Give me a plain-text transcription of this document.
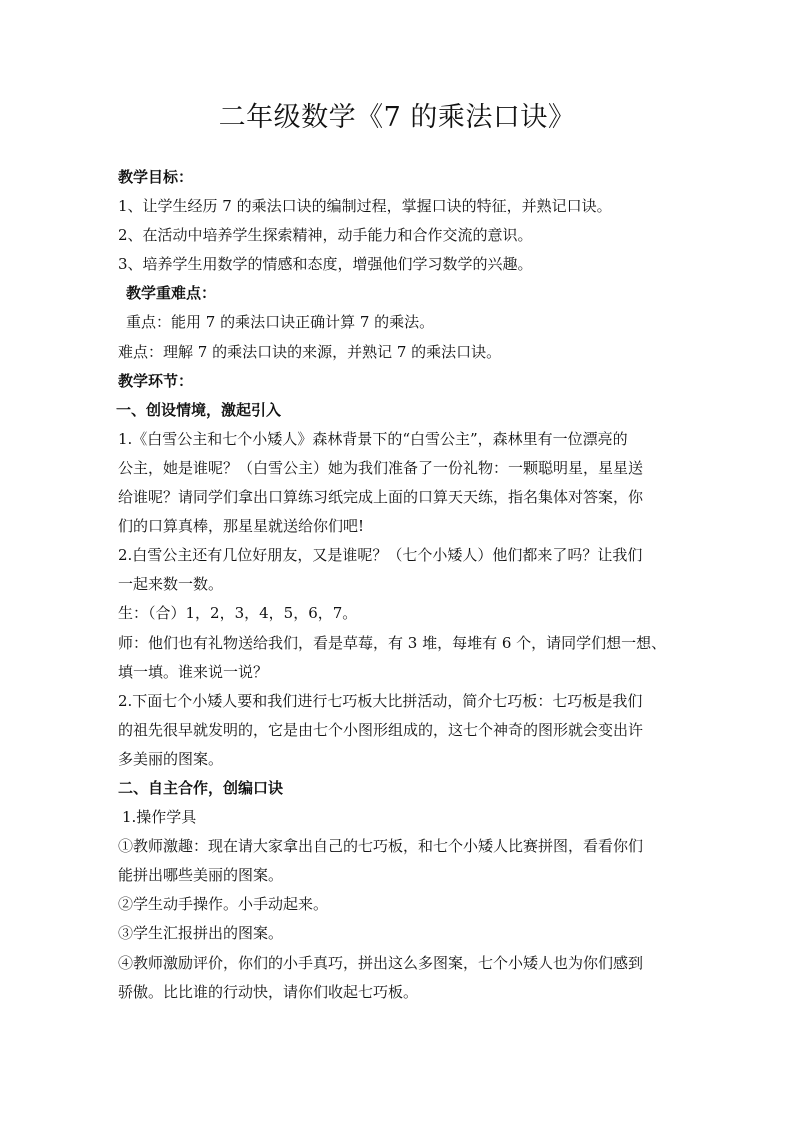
二年级数学《7 的乘法口诀》
教学目标：
1、让学生经历 7 的乘法口诀的编制过程，掌握口诀的特征，并熟记口诀。
2、在活动中培养学生探索精神，动手能力和合作交流的意识。
3、培养学生用数学的情感和态度，增强他们学习数学的兴趣。
教学重难点：
重点：能用 7 的乘法口诀正确计算 7 的乘法。
难点：理解 7 的乘法口诀的来源，并熟记 7 的乘法口诀。
教学环节：
一、创设情境，激起引入
1.《白雪公主和七个小矮人》森林背景下的“白雪公主”，森林里有一位漂亮的
公主，她是谁呢？（白雪公主）她为我们准备了一份礼物：一颗聪明星，星星送
给谁呢？请同学们拿出口算练习纸完成上面的口算天天练，指名集体对答案，你
们的口算真棒，那星星就送给你们吧!
2.白雪公主还有几位好朋友，又是谁呢？（七个小矮人）他们都来了吗？让我们
一起来数一数。
生：（合）1，2，3，4，5，6，7。
师：他们也有礼物送给我们，看是草莓，有 3 堆，每堆有 6 个，请同学们想一想、
填一填。谁来说一说？
2.下面七个小矮人要和我们进行七巧板大比拼活动，简介七巧板：七巧板是我们
的祖先很早就发明的，它是由七个小图形组成的，这七个神奇的图形就会变出许
多美丽的图案。
二、自主合作，创编口诀
1.操作学具
①教师激趣：现在请大家拿出自己的七巧板，和七个小矮人比赛拼图，看看你们
能拼出哪些美丽的图案。
②学生动手操作。小手动起来。
③学生汇报拼出的图案。
④教师激励评价，你们的小手真巧，拼出这么多图案，七个小矮人也为你们感到
骄傲。比比谁的行动快，请你们收起七巧板。
